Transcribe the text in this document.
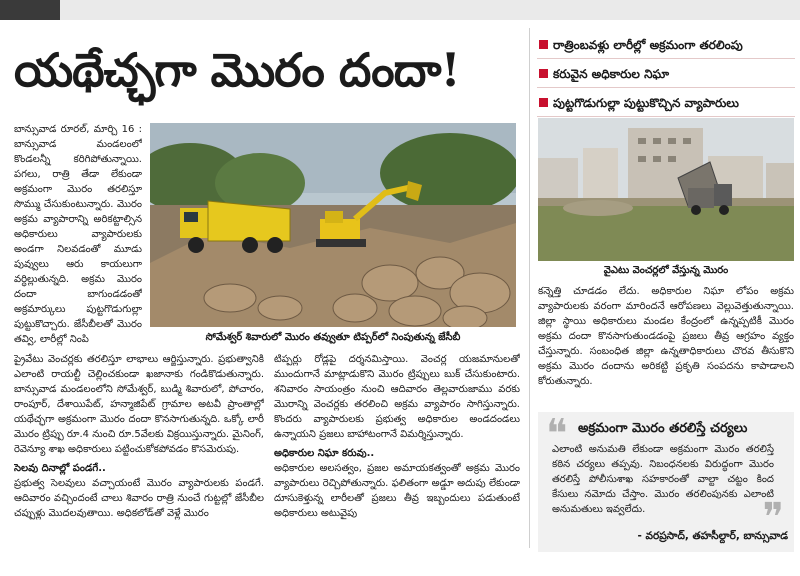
యథేచ్ఛగా మొరం దందా!	రాత్రింబవళ్లు లారీల్లో అక్రమంగా తరలింపు
కరువైన అధికారుల నిఘా
పుట్టగొడుగుల్లా పుట్టుకొచ్చిన వ్యాపారులు
సోమేశ్వర్ శివారులో మొరం తవ్వుతూ టిప్పర్‌లో నింపుతున్న జేసీబీ
వైఎటు వెంచర్లలో వేస్తున్న మొరం

బాన్సువాడ రూరల్, మార్చి 16 : బాన్సువాడ మండలంలో కొండలన్నీ కరిగిపోతున్నాయి. పగలు, రాత్రి తేడా లేకుండా అక్రమంగా మొరం తరలిస్తూ సొమ్ము చేసుకుంటున్నారు. మొరం అక్రమ వ్యాపారాన్ని అరికట్టాల్సిన అధికారులు వ్యాపారులకు అండగా నిలవడంతో మూడు పువ్వులు ఆరు కాయలుగా వర్ధిల్లుతున్నది. అక్రమ మొరం దందా బాగుండడంతో అక్రమార్కులు పుట్టగొడుగుల్లా పుట్టుకొచ్చారు. జేసీబీలతో మొరం తవ్వి, లారీల్లో నింపి

ప్రైవేటు వెంచర్లకు తరలిస్తూ లాభాలు ఆర్జిస్తున్నారు. ప్రభుత్వానికి ఎలాంటి రాయల్టీ చెల్లించకుండా ఖజానాకు గండికొడుతున్నారు. బాన్సువాడ మండలంలోని సోమేశ్వర్, బుడ్మి శివారులో, పోచారం, రాంపూర్, దేశాయిపేట్, హన్మాజిపేట్ గ్రామాల అటవీ ప్రాంతాల్లో యథేచ్ఛగా అక్రమంగా మొరం దందా కొనసాగుతున్నది. ఒక్కో లారీ మొరం ట్రిప్పు రూ.4 నుంచి రూ.5వేలకు విక్రయిస్తున్నారు. మైనింగ్, రెవెన్యూ శాఖ అధికారులు పట్టించుకోకపోవడం కొసమెరుపు.

సెలవు దినాల్లో పండగే..

ప్రభుత్వ సెలవులు వచ్చాయంటే మొరం వ్యాపారులకు పండగే. ఆదివారం వచ్చిందంటే చాలు శివారం రాత్రి నుంచే గుట్టల్లో జేసీబీల చప్పుళ్లు మొదలవుతాయి. అధికలోడ్‌తో వెళ్లే మొరం

టిప్పర్లు రోడ్లపై దర్శనమిస్తాయి. వెంచర్ల యజమానులతో ముందుగానే మాట్లాడుకొని మొరం ట్రిప్పులు బుక్ చేసుకుంటారు. శనివారం సాయంత్రం నుంచి ఆదివారం తెల్లవారుజాము వరకు మొరాన్ని వెంచర్లకు తరలించి అక్రమ వ్యాపారం సాగిస్తున్నారు. కొందరు వ్యాపారులకు ప్రభుత్వ అధికారుల అండదండలు ఉన్నాయని ప్రజలు బాహాటంగానే విమర్శిస్తున్నారు.

అధికారుల నిఘా కరువు..

అధికారుల అలసత్వం, ప్రజల అమాయకత్వంతో అక్రమ మొరం వ్యాపారులు రెచ్చిపోతున్నారు. ఫలితంగా అడ్డూ అదుపు లేకుండా దూసుకెళ్తున్న లారీలతో ప్రజలు తీవ్ర ఇబ్బందులు పడుతుంటే అధికారులు అటువైపు

కన్నెత్తి చూడడం లేదు. అధికారుల నిఘా లోపం అక్రమ వ్యాపారులకు వరంగా మారిందనే ఆరోపణలు వెల్లువెత్తుతున్నాయి. జిల్లా స్థాయి అధికారులు మండల కేంద్రంలో ఉన్నప్పటికీ మొరం అక్రమ దందా కొనసాగుతుండడంపై ప్రజలు తీవ్ర ఆగ్రహం వ్యక్తం చేస్తున్నారు. సంబంధిత జిల్లా ఉన్నతాధికారులు చొరవ తీసుకొని అక్రమ మొరం దందాను అరికట్టి ప్రకృతి సంపదను కాపాడాలని కోరుతున్నారు.

❝ అక్రమంగా మొరం తరలిస్తే చర్యలు
ఎలాంటి అనుమతి లేకుండా అక్రమంగా మొరం తరలిస్తే కఠిన చర్యలు తప్పవు. నిబంధనలకు విరుద్ధంగా మొరం తరలిస్తే పోలీసుశాఖ సహకారంతో వాల్టా చట్టం కింద కేసులు నమోదు చేస్తాం. మొరం తరలింపునకు ఎలాంటి అనుమతులు ఇవ్వలేదు.	❞
- వరప్రసాద్, తహసీల్దార్, బాన్సువాడ
